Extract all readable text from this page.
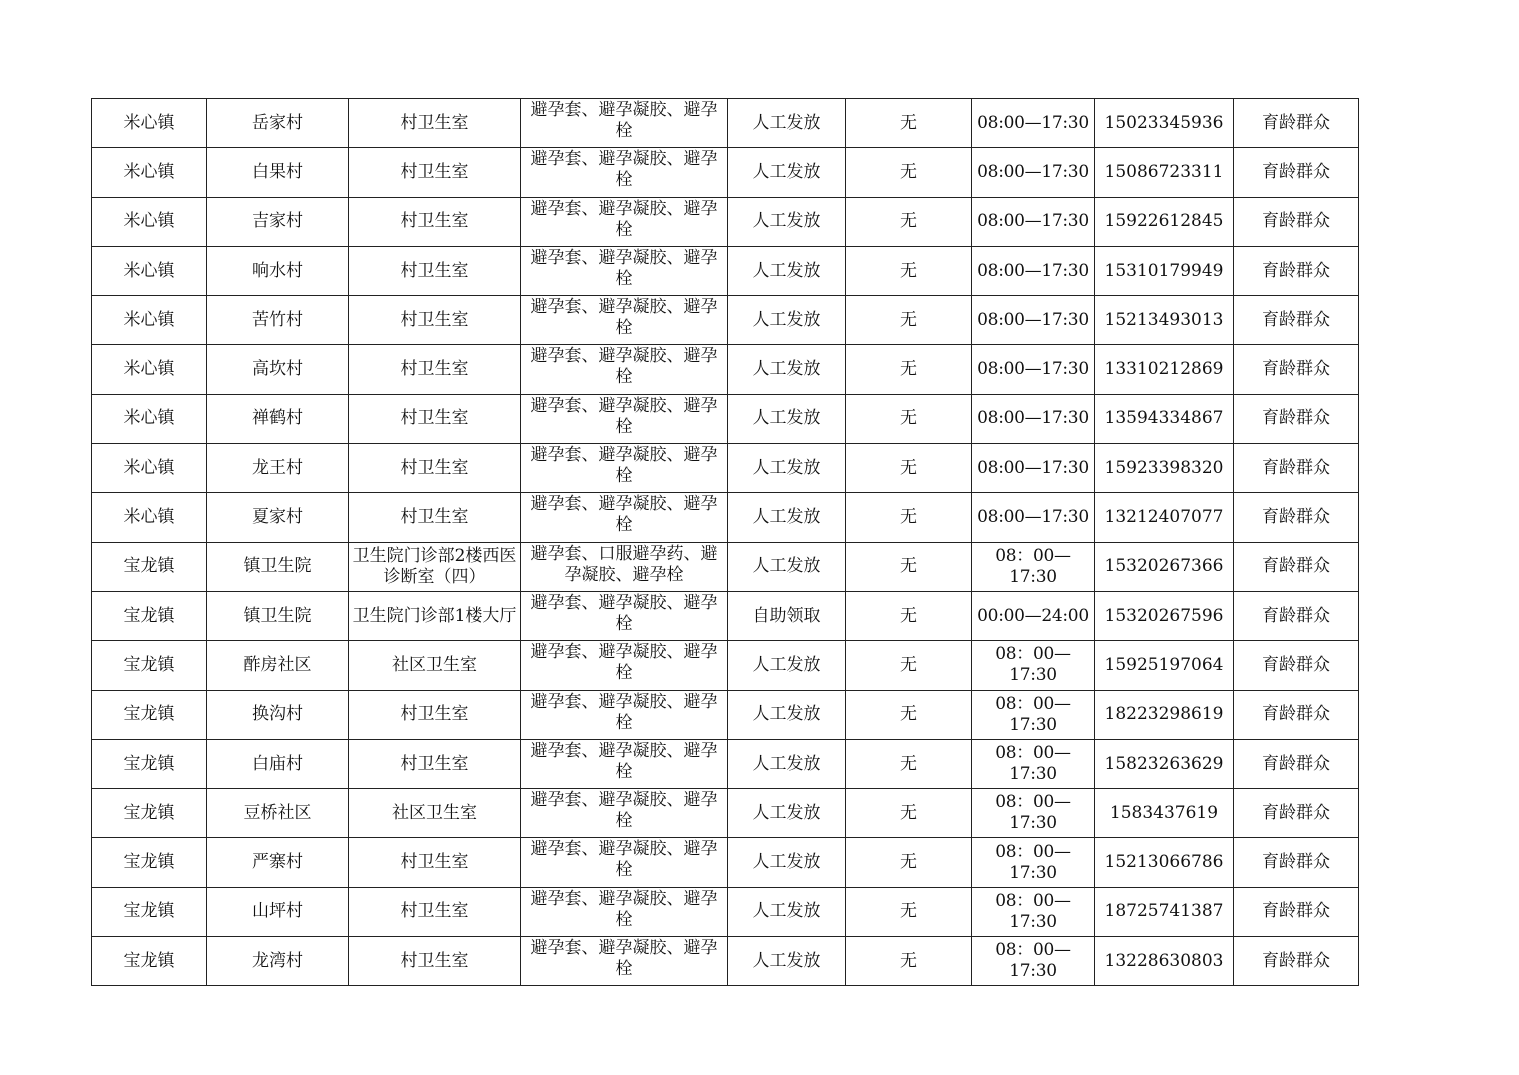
米心镇	岳家村	村卫生室	避孕套、避孕凝胶、避孕栓	人工发放	无	08:00—17:30	15023345936	育龄群众
米心镇	白果村	村卫生室	避孕套、避孕凝胶、避孕栓	人工发放	无	08:00—17:30	15086723311	育龄群众
米心镇	吉家村	村卫生室	避孕套、避孕凝胶、避孕栓	人工发放	无	08:00—17:30	15922612845	育龄群众
米心镇	响水村	村卫生室	避孕套、避孕凝胶、避孕栓	人工发放	无	08:00—17:30	15310179949	育龄群众
米心镇	苦竹村	村卫生室	避孕套、避孕凝胶、避孕栓	人工发放	无	08:00—17:30	15213493013	育龄群众
米心镇	高坎村	村卫生室	避孕套、避孕凝胶、避孕栓	人工发放	无	08:00—17:30	13310212869	育龄群众
米心镇	禅鹤村	村卫生室	避孕套、避孕凝胶、避孕栓	人工发放	无	08:00—17:30	13594334867	育龄群众
米心镇	龙王村	村卫生室	避孕套、避孕凝胶、避孕栓	人工发放	无	08:00—17:30	15923398320	育龄群众
米心镇	夏家村	村卫生室	避孕套、避孕凝胶、避孕栓	人工发放	无	08:00—17:30	13212407077	育龄群众
宝龙镇	镇卫生院	卫生院门诊部2楼西医诊断室（四）	避孕套、口服避孕药、避孕凝胶、避孕栓	人工发放	无	08：00—17:30	15320267366	育龄群众
宝龙镇	镇卫生院	卫生院门诊部1楼大厅	避孕套、避孕凝胶、避孕栓	自助领取	无	00:00—24:00	15320267596	育龄群众
宝龙镇	酢房社区	社区卫生室	避孕套、避孕凝胶、避孕栓	人工发放	无	08：00—17:30	15925197064	育龄群众
宝龙镇	换沟村	村卫生室	避孕套、避孕凝胶、避孕栓	人工发放	无	08：00—17:30	18223298619	育龄群众
宝龙镇	白庙村	村卫生室	避孕套、避孕凝胶、避孕栓	人工发放	无	08：00—17:30	15823263629	育龄群众
宝龙镇	豆桥社区	社区卫生室	避孕套、避孕凝胶、避孕栓	人工发放	无	08：00—17:30	1583437619	育龄群众
宝龙镇	严寨村	村卫生室	避孕套、避孕凝胶、避孕栓	人工发放	无	08：00—17:30	15213066786	育龄群众
宝龙镇	山坪村	村卫生室	避孕套、避孕凝胶、避孕栓	人工发放	无	08：00—17:30	18725741387	育龄群众
宝龙镇	龙湾村	村卫生室	避孕套、避孕凝胶、避孕栓	人工发放	无	08：00—17:30	13228630803	育龄群众
